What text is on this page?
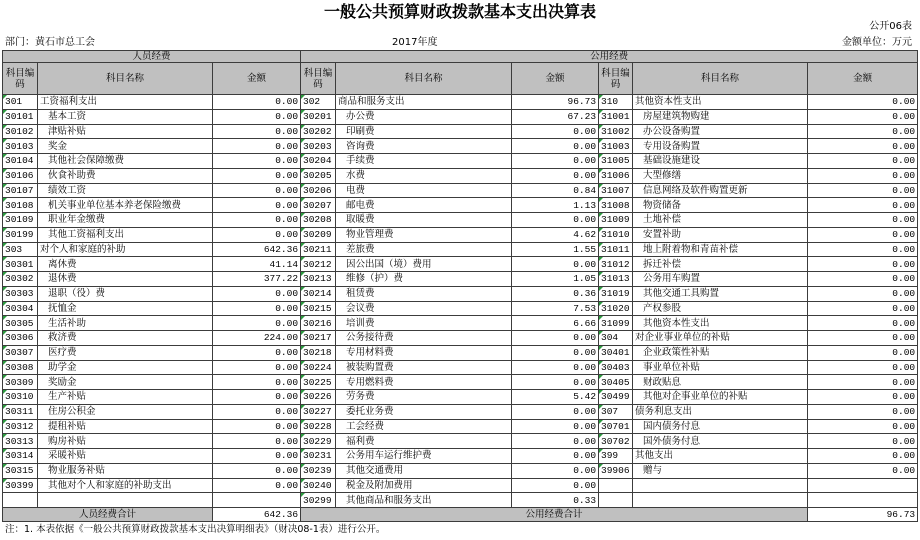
一般公共预算财政拨款基本支出决算表
公开06表
部门：黄石市总工会	2017年度	金额单位：万元
人员经费			公用经费					
科目编码	科目名称	金额	科目编码	科目名称	金额	科目编码	科目名称	金额
301	工资福利支出	0.00	302	商品和服务支出	96.73	310	其他资本性支出	0.00
30101	基本工资	0.00	30201	办公费	67.23	31001	房屋建筑物购建	0.00
30102	津贴补贴	0.00	30202	印刷费	0.00	31002	办公设备购置	0.00
30103	奖金	0.00	30203	咨询费	0.00	31003	专用设备购置	0.00
30104	其他社会保障缴费	0.00	30204	手续费	0.00	31005	基础设施建设	0.00
30106	伙食补助费	0.00	30205	水费	0.00	31006	大型修缮	0.00
30107	绩效工资	0.00	30206	电费	0.84	31007	信息网络及软件购置更新	0.00
30108	机关事业单位基本养老保险缴费	0.00	30207	邮电费	1.13	31008	物资储备	0.00
30109	职业年金缴费	0.00	30208	取暖费	0.00	31009	土地补偿	0.00
30199	其他工资福利支出	0.00	30209	物业管理费	4.62	31010	安置补助	0.00
303	对个人和家庭的补助	642.36	30211	差旅费	1.55	31011	地上附着物和青苗补偿	0.00
30301	离休费	41.14	30212	因公出国（境）费用	0.00	31012	拆迁补偿	0.00
30302	退休费	377.22	30213	维修（护）费	1.05	31013	公务用车购置	0.00
30303	退职（役）费	0.00	30214	租赁费	0.36	31019	其他交通工具购置	0.00
30304	抚恤金	0.00	30215	会议费	7.53	31020	产权参股	0.00
30305	生活补助	0.00	30216	培训费	6.66	31099	其他资本性支出	0.00
30306	救济费	224.00	30217	公务接待费	0.00	304	对企业事业单位的补贴	0.00
30307	医疗费	0.00	30218	专用材料费	0.00	30401	企业政策性补贴	0.00
30308	助学金	0.00	30224	被装购置费	0.00	30403	事业单位补贴	0.00
30309	奖励金	0.00	30225	专用燃料费	0.00	30405	财政贴息	0.00
30310	生产补贴	0.00	30226	劳务费	5.42	30499	其他对企事业单位的补贴	0.00
30311	住房公积金	0.00	30227	委托业务费	0.00	307	债务利息支出	0.00
30312	提租补贴	0.00	30228	工会经费	0.00	30701	国内债务付息	0.00
30313	购房补贴	0.00	30229	福利费	0.00	30702	国外债务付息	0.00
30314	采暖补贴	0.00	30231	公务用车运行维护费	0.00	399	其他支出	0.00
30315	物业服务补贴	0.00	30239	其他交通费用	0.00	39906	赠与	0.00
30399	其他对个人和家庭的补助支出	0.00	30240	税金及附加费用	0.00			
			30299	其他商品和服务支出	0.33			
人员经费合计		642.36	公用经费合计					96.73
注：1. 本表依据《一般公共预算财政拨款基本支出决算明细表》（财决08-1表）进行公开。
